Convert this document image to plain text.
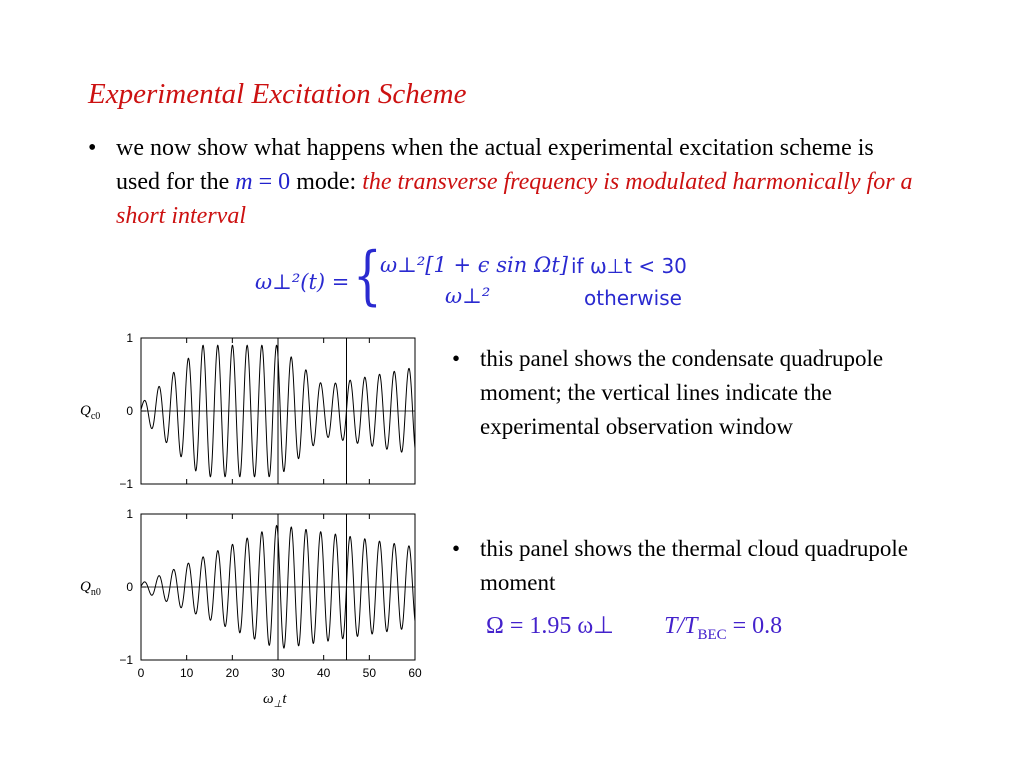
Experimental Excitation Scheme
• we now show what happens when the actual experimental excitation scheme is used for the m = 0 mode: the transverse frequency is modulated harmonically for a short interval
ω⊥²(t) = {
ω⊥²[1 + ϵ sin Ωt] if ω⊥t < 30
ω⊥²	otherwise
1
0
−1
1
0
−1
0	10	20	30	40	50	60
$Q_{c0}$
$Q_{n0}$
$\omega_\perp t$
• this panel shows the condensate quadrupole moment; the vertical lines indicate the experimental observation window
• this panel shows the thermal cloud quadrupole moment
Ω = 1.95 ω⊥ $T/T_{BEC} = 0.8$
